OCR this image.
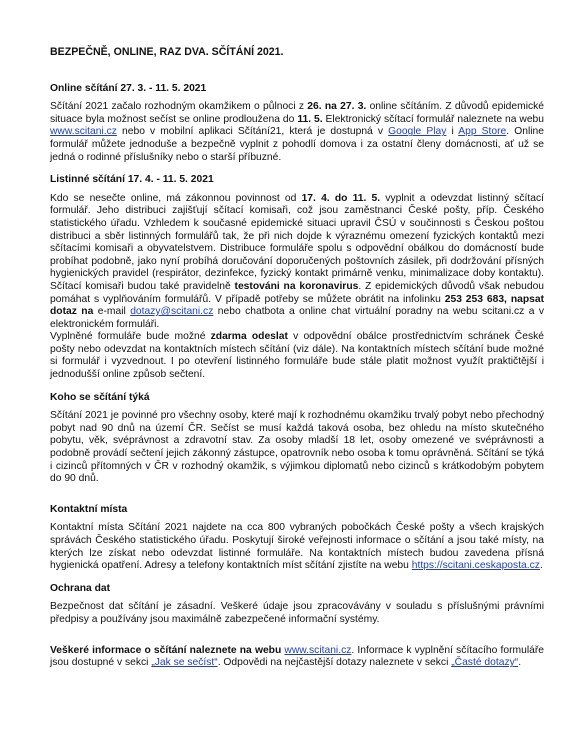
BEZPEČNĚ, ONLINE, RAZ DVA. SČÍTÁNÍ 2021.
Online sčítání 27. 3. - 11. 5. 2021
Sčítání 2021 začalo rozhodným okamžikem o půlnoci z 26. na 27. 3. online sčítáním. Z důvodů epidemické situace byla možnost sečíst se online prodloužena do 11. 5. Elektronický sčítací formulář naleznete na webu www.scitani.cz nebo v mobilní aplikaci Sčítání21, která je dostupná v Google Play i App Store. Online formulář můžete jednoduše a bezpečně vyplnit z pohodlí domova i za ostatní členy domácnosti, ať už se jedná o rodinné příslušníky nebo o starší příbuzné.
Listinné sčítání 17. 4. - 11. 5. 2021
Kdo se nesečte online, má zákonnou povinnost od 17. 4. do 11. 5. vyplnit a odevzdat listinný sčítací formulář. Jeho distribuci zajišťují sčítací komisaři, což jsou zaměstnanci České pošty, příp. Českého statistického úřadu. Vzhledem k současné epidemické situaci upravil ČSÚ v součinnosti s Českou poštou distribuci a sběr listinných formulářů tak, že při nich dojde k výraznému omezení fyzických kontaktů mezi sčítacími komisaři a obyvatelstvem. Distribuce formuláře spolu s odpovědní obálkou do domácností bude probíhat podobně, jako nyní probíhá doručování doporučených poštovních zásilek, při dodržování přísných hygienických pravidel (respirátor, dezinfekce, fyzický kontakt primárně venku, minimalizace doby kontaktu). Sčítací komisaři budou také pravidelně testováni na koronavirus. Z epidemických důvodů však nebudou pomáhat s vyplňováním formulářů. V případě potřeby se můžete obrátit na infolinku 253 253 683, napsat dotaz na e-mail dotazy@scitani.cz nebo chatbota a online chat virtuální poradny na webu scitani.cz a v elektronickém formuláři.
Vyplněné formuláře bude možné zdarma odeslat v odpovědní obálce prostřednictvím schránek České pošty nebo odevzdat na kontaktních místech sčítání (viz dále). Na kontaktních místech sčítání bude možné si formulář i vyzvednout. I po otevření listinného formuláře bude stále platit možnost využít praktičtější i jednodušší online způsob sečtení.
Koho se sčítání týká
Sčítání 2021 je povinné pro všechny osoby, které mají k rozhodnému okamžiku trvalý pobyt nebo přechodný pobyt nad 90 dnů na území ČR. Sečíst se musí každá taková osoba, bez ohledu na místo skutečného pobytu, věk, svéprávnost a zdravotní stav. Za osoby mladší 18 let, osoby omezené ve svéprávnosti a podobně provádí sečtení jejich zákonný zástupce, opatrovník nebo osoba k tomu oprávněná. Sčítání se týká i cizinců přítomných v ČR v rozhodný okamžik, s výjimkou diplomatů nebo cizinců s krátkodobým pobytem do 90 dnů.
Kontaktní místa
Kontaktní místa Sčítání 2021 najdete na cca 800 vybraných pobočkách České pošty a všech krajských správách Českého statistického úřadu. Poskytují široké veřejnosti informace o sčítání a jsou také místy, na kterých lze získat nebo odevzdat listinné formuláře. Na kontaktních místech budou zavedena přísná hygienická opatření. Adresy a telefony kontaktních míst sčítání zjistíte na webu https://scitani.ceskaposta.cz.
Ochrana dat
Bezpečnost dat sčítání je zásadní. Veškeré údaje jsou zpracovávány v souladu s příslušnými právními předpisy a používány jsou maximálně zabezpečené informační systémy.
Veškeré informace o sčítání naleznete na webu www.scitani.cz. Informace k vyplnění sčítacího formuláře jsou dostupné v sekci „Jak se sečíst“. Odpovědi na nejčastější dotazy naleznete v sekci „Časté dotazy“.
